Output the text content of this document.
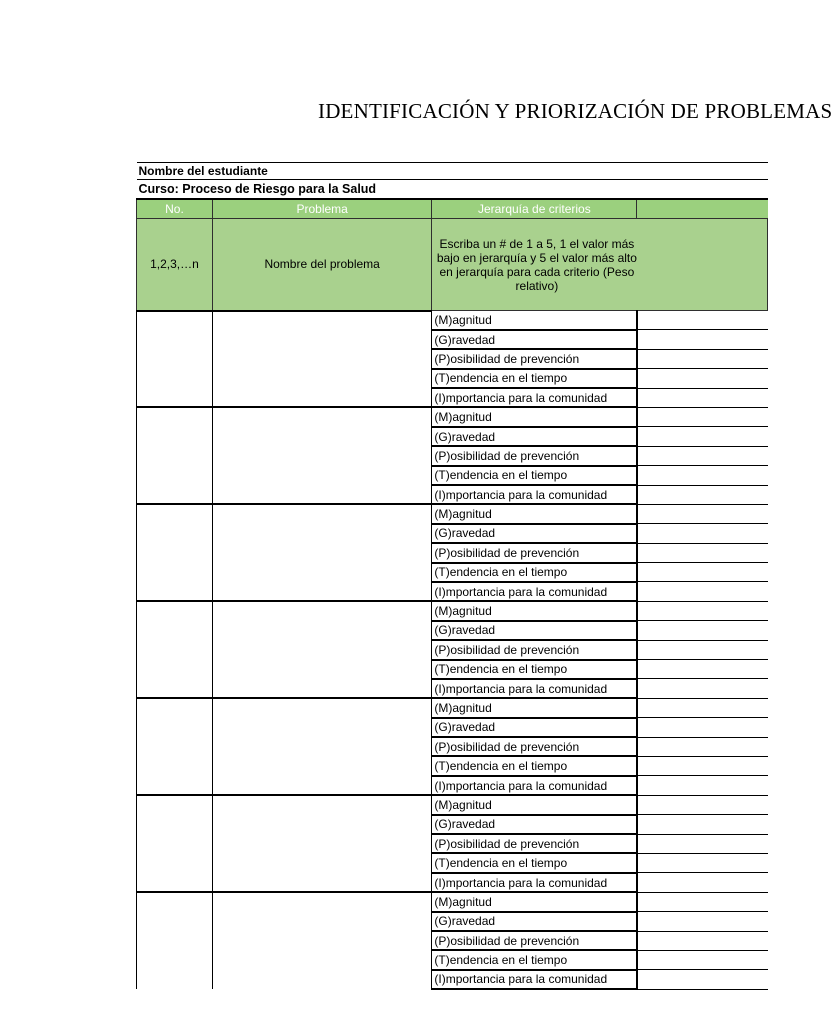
IDENTIFICACIÓN Y PRIORIZACIÓN DE PROBLEMAS
Nombre del estudiante			
Curso: Proceso de Riesgo para la Salud			
No.	Problema	Jerarquía de criterios	
1,2,3,…n	Nombre del problema	Escriba un # de 1 a 5, 1 el valor más bajo en jerarquía y 5 el valor más alto en jerarquía para cada criterio (Peso relativo)	

		(M)agnitud	
		(G)ravedad	
		(P)osibilidad de prevención	
		(T)endencia en el tiempo	
		(I)mportancia para la comunidad	
		(M)agnitud	
		(G)ravedad	
		(P)osibilidad de prevención	
		(T)endencia en el tiempo	
		(I)mportancia para la comunidad	
		(M)agnitud	
		(G)ravedad	
		(P)osibilidad de prevención	
		(T)endencia en el tiempo	
		(I)mportancia para la comunidad	
		(M)agnitud	
		(G)ravedad	
		(P)osibilidad de prevención	
		(T)endencia en el tiempo	
		(I)mportancia para la comunidad	
		(M)agnitud	
		(G)ravedad	
		(P)osibilidad de prevención	
		(T)endencia en el tiempo	
		(I)mportancia para la comunidad	
		(M)agnitud	
		(G)ravedad	
		(P)osibilidad de prevención	
		(T)endencia en el tiempo	
		(I)mportancia para la comunidad	
		(M)agnitud	
		(G)ravedad	
		(P)osibilidad de prevención	
		(T)endencia en el tiempo	
		(I)mportancia para la comunidad	
